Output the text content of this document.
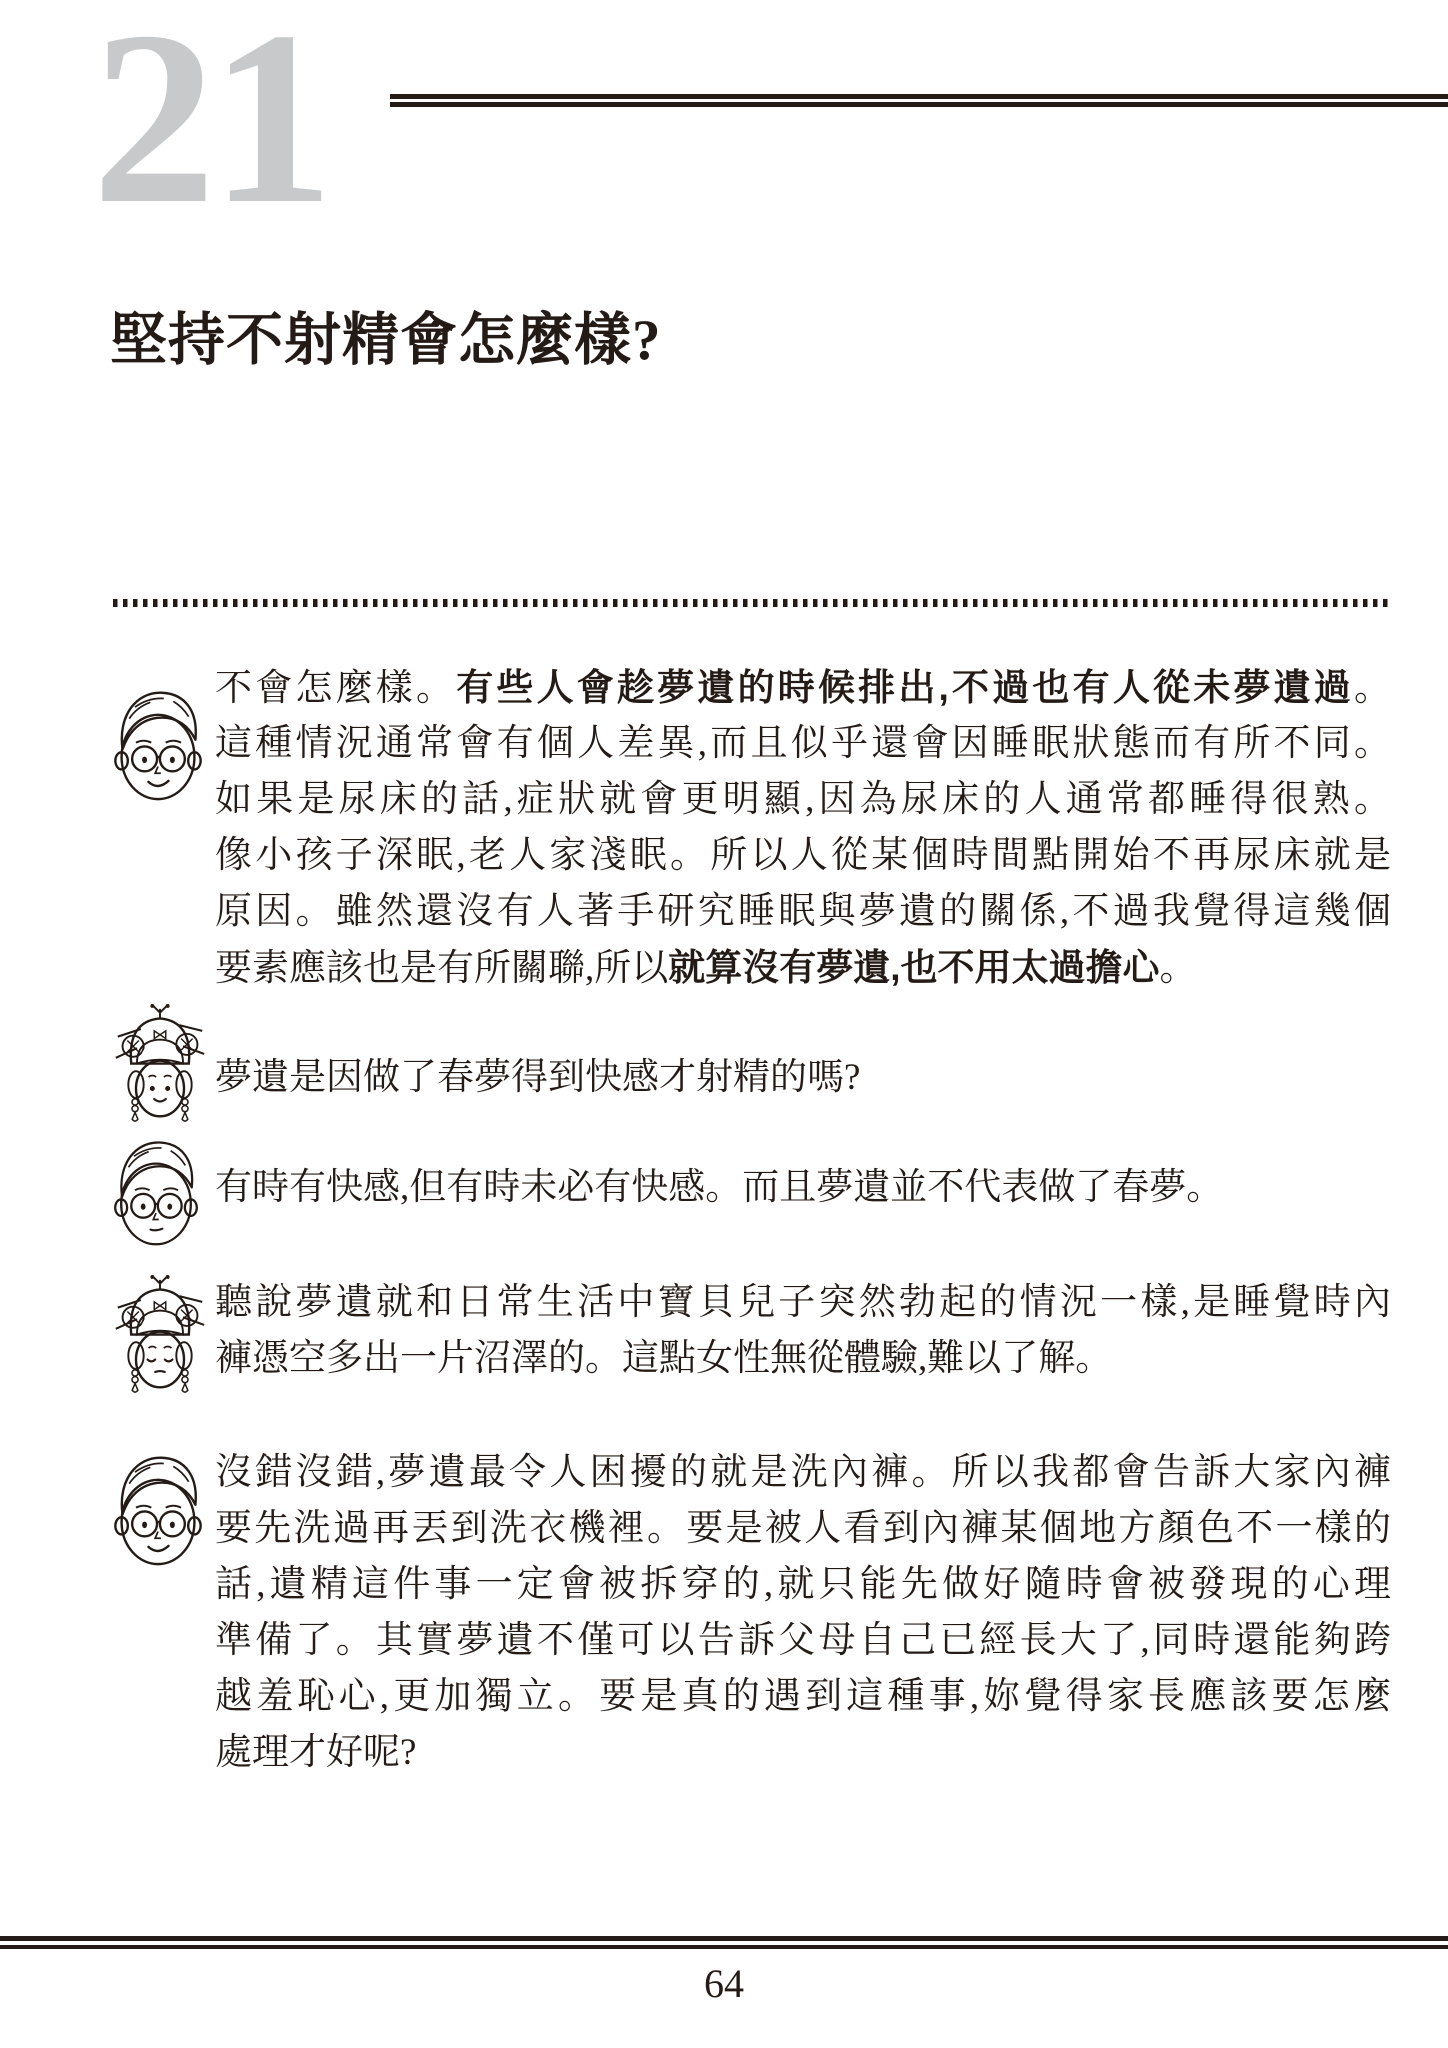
21
堅持不射精會怎麼樣?
不會怎麼樣。有些人會趁夢遺的時候排出,不過也有人從未夢遺過。
這種情況通常會有個人差異,而且似乎還會因睡眠狀態而有所不同。
如果是尿床的話,症狀就會更明顯,因為尿床的人通常都睡得很熟。
像小孩子深眠,老人家淺眠。所以人從某個時間點開始不再尿床就是
原因。雖然還沒有人著手研究睡眠與夢遺的關係,不過我覺得這幾個
要素應該也是有所關聯,所以就算沒有夢遺,也不用太過擔心。
夢遺是因做了春夢得到快感才射精的嗎?
有時有快感,但有時未必有快感。而且夢遺並不代表做了春夢。
聽說夢遺就和日常生活中寶貝兒子突然勃起的情況一樣,是睡覺時內
褲憑空多出一片沼澤的。這點女性無從體驗,難以了解。
沒錯沒錯,夢遺最令人困擾的就是洗內褲。所以我都會告訴大家內褲
要先洗過再丟到洗衣機裡。要是被人看到內褲某個地方顏色不一樣的
話,遺精這件事一定會被拆穿的,就只能先做好隨時會被發現的心理
準備了。其實夢遺不僅可以告訴父母自己已經長大了,同時還能夠跨
越羞恥心,更加獨立。要是真的遇到這種事,妳覺得家長應該要怎麼
處理才好呢?
64
